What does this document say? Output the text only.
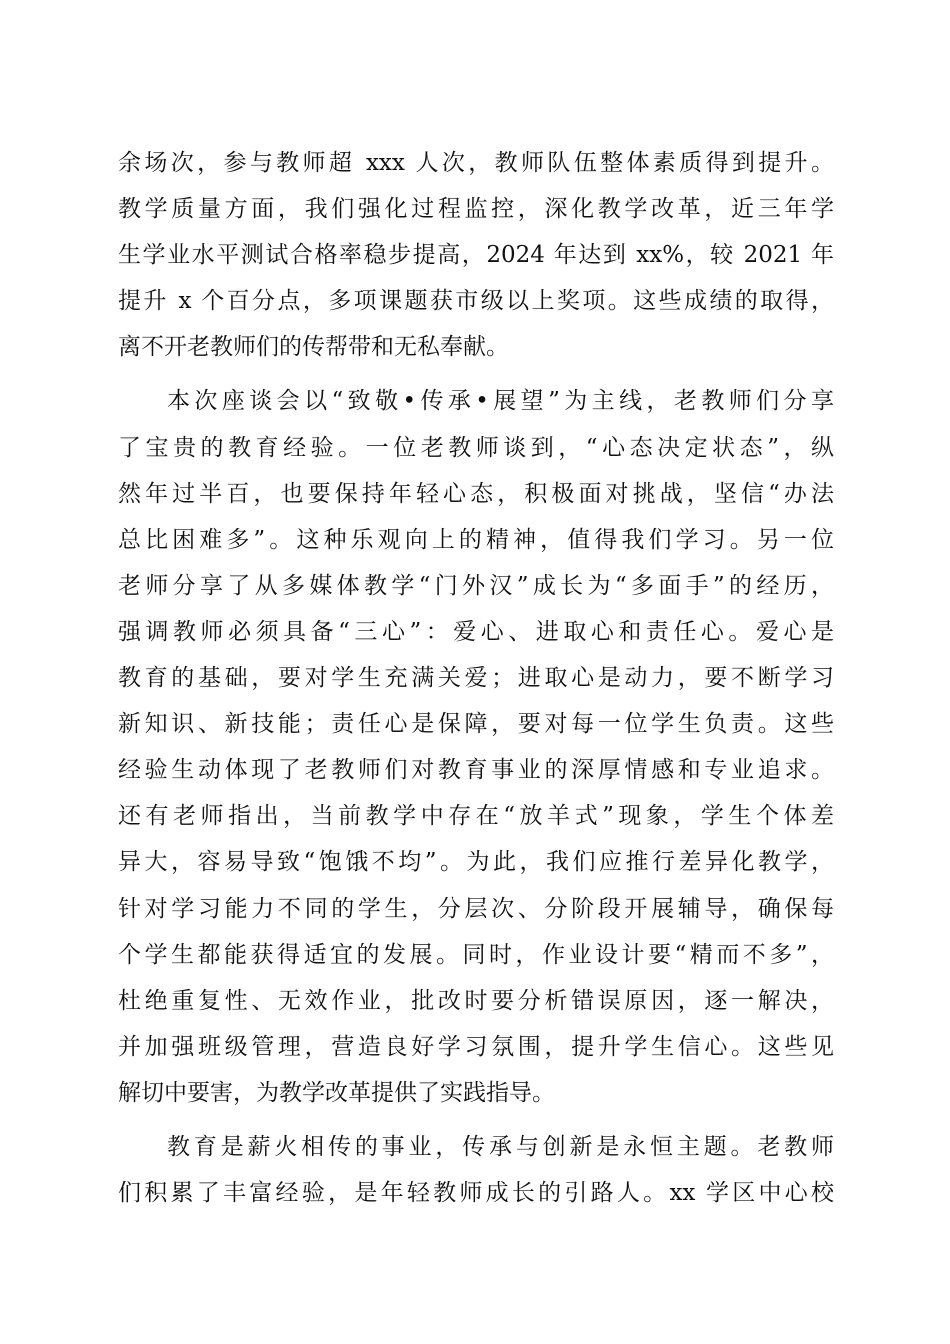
余场次，参与教师超 xxx 人次，教师队伍整体素质得到提升。
教学质量方面，我们强化过程监控，深化教学改革，近三年学
生学业水平测试合格率稳步提高，2024 年达到 xx%，较 2021 年
提升 x 个百分点，多项课题获市级以上奖项。这些成绩的取得，
离不开老教师们的传帮带和无私奉献。
本次座谈会以“致敬•传承•展望”为主线，老教师们分享
了宝贵的教育经验。一位老教师谈到，“心态决定状态”，纵
然年过半百，也要保持年轻心态，积极面对挑战，坚信“办法
总比困难多”。这种乐观向上的精神，值得我们学习。另一位
老师分享了从多媒体教学“门外汉”成长为“多面手”的经历，
强调教师必须具备“三心”：爱心、进取心和责任心。爱心是
教育的基础，要对学生充满关爱；进取心是动力，要不断学习
新知识、新技能；责任心是保障，要对每一位学生负责。这些
经验生动体现了老教师们对教育事业的深厚情感和专业追求。
还有老师指出，当前教学中存在“放羊式”现象，学生个体差
异大，容易导致“饱饿不均”。为此，我们应推行差异化教学，
针对学习能力不同的学生，分层次、分阶段开展辅导，确保每
个学生都能获得适宜的发展。同时，作业设计要“精而不多”，
杜绝重复性、无效作业，批改时要分析错误原因，逐一解决，
并加强班级管理，营造良好学习氛围，提升学生信心。这些见
解切中要害，为教学改革提供了实践指导。
教育是薪火相传的事业，传承与创新是永恒主题。老教师
们积累了丰富经验，是年轻教师成长的引路人。xx 学区中心校
